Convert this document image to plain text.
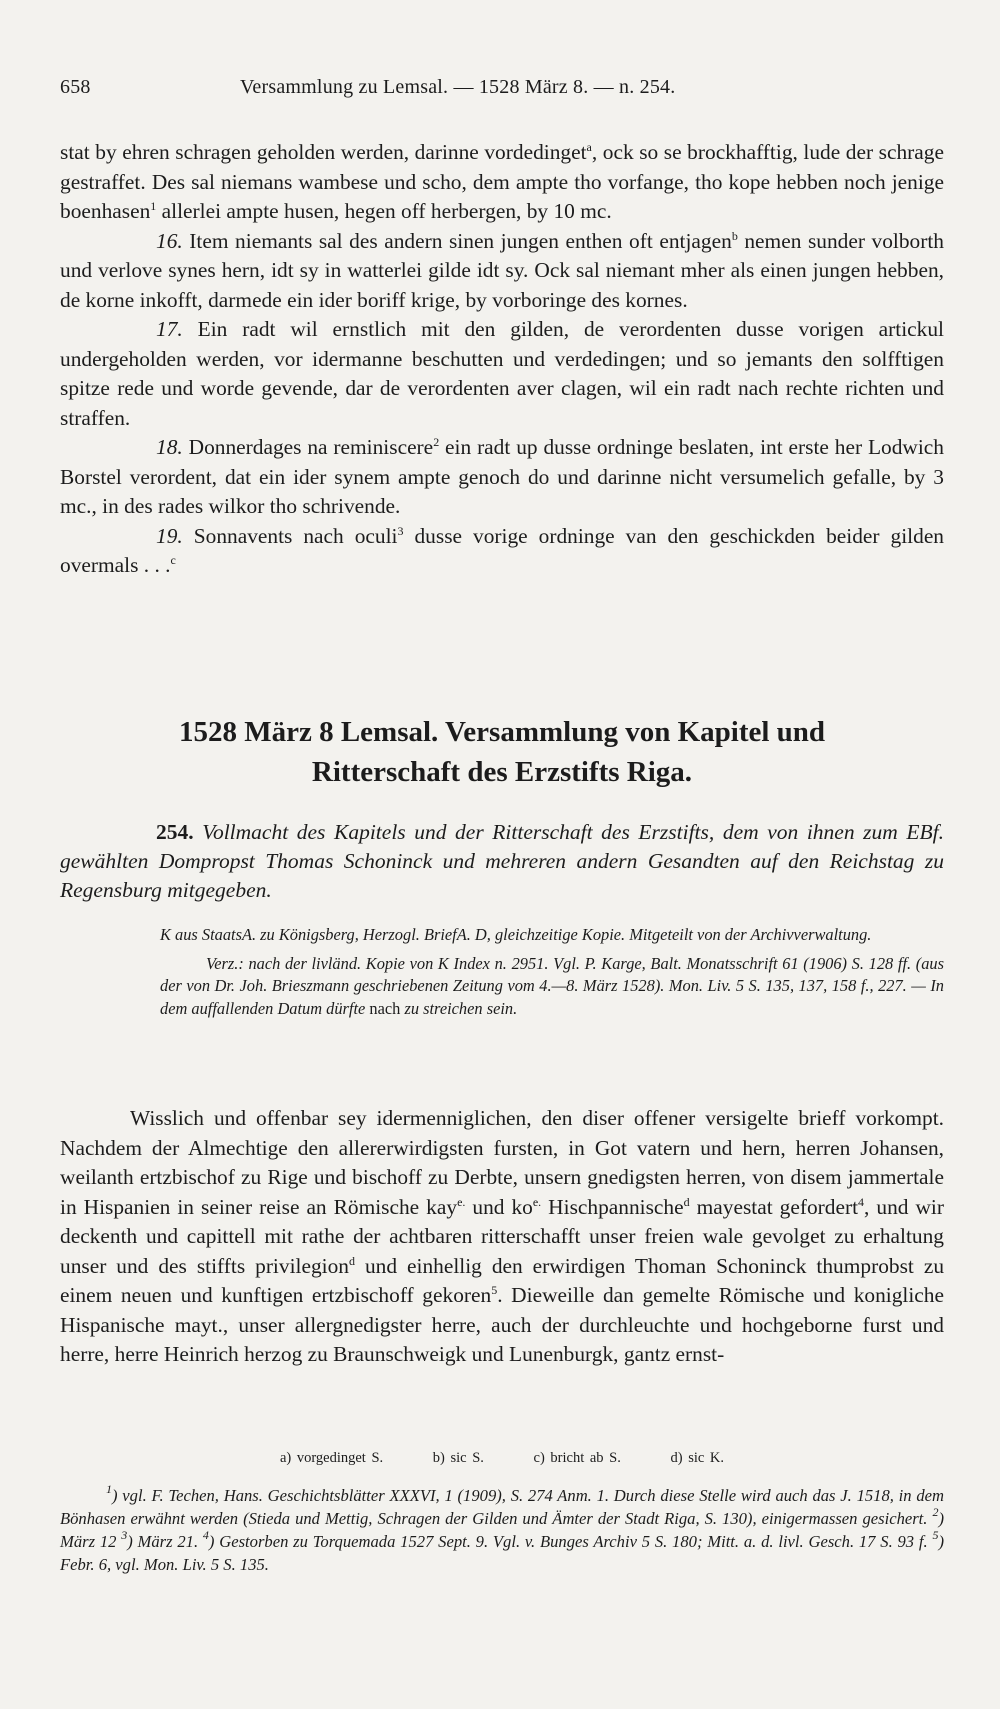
658	Versammlung zu Lemsal. — 1528 März 8. — n. 254.

stat by ehren schragen geholden werden, darinne vordedinget$^a$, ock so se brockhafftig, lude der schrage gestraffet. Des sal niemans wambese und scho, dem ampte tho vorfange, tho kope hebben noch jenige boenhasen$^1$ allerlei ampte husen, hegen off herbergen, by 10 mc.

16. Item niemants sal des andern sinen jungen enthen oft entjagen$^b$ nemen sunder volborth und verlove synes hern, idt sy in watterlei gilde idt sy. Ock sal niemant mher als einen jungen hebben, de korne inkofft, darmede ein ider boriff krige, by vorboringe des kornes.

17. Ein radt wil ernstlich mit den gilden, de verordenten dusse vorigen artickul undergeholden werden, vor idermanne beschutten und verdedingen; und so jemants den solfftigen spitze rede und worde gevende, dar de verordenten aver clagen, wil ein radt nach rechte richten und straffen.

18. Donnerdages na reminiscere$^2$ ein radt up dusse ordninge beslaten, int erste her Lodwich Borstel verordent, dat ein ider synem ampte genoch do und darinne nicht versumelich gefalle, by 3 mc., in des rades wilkor tho schrivende.

19. Sonnavents nach oculi$^3$ dusse vorige ordninge van den geschickden beider gilden overmals . . .$^c$

1528 März 8 Lemsal. Versammlung von Kapitel und
Ritterschaft des Erzstifts Riga.

254. Vollmacht des Kapitels und der Ritterschaft des Erzstifts, dem von ihnen zum EBf. gewählten Dompropst Thomas Schoninck und mehreren andern Gesandten auf den Reichstag zu Regensburg mitgegeben.

K aus StaatsA. zu Königsberg, Herzogl. BriefA. D, gleichzeitige Kopie. Mitgeteilt von der Archivverwaltung.

Verz.: nach der livländ. Kopie von K Index n. 2951. Vgl. P. Karge, Balt. Monatsschrift 61 (1906) S. 128 ff. (aus der von Dr. Joh. Brieszmann geschriebenen Zeitung vom 4.—8. März 1528). Mon. Liv. 5 S. 135, 137, 158 f., 227. — In dem auffallenden Datum dürfte nach zu streichen sein.

Wisslich und offenbar sey idermenniglichen, den diser offener versigelte brieff vorkompt. Nachdem der Almechtige den allererwirdigsten fursten, in Got vatern und hern, herren Johansen, weilanth ertzbischof zu Rige und bischoff zu Derbte, unsern gnedigsten herren, von disem jammertale in Hispanien in seiner reise an Römische kay$^{e.}$ und $ko^{e.}$ Hischpannische$^d$ mayestat gefordert$^4$, und wir deckenth und capittell mit rathe der achtbaren ritterschafft unser freien wale gevolget zu erhaltung unser und des stiffts privilegion$^d$ und einhellig den erwirdigen Thoman Schoninck thumprobst zu einem neuen und kunftigen ertzbischoff gekoren$^5$. Dieweille dan gemelte Römische und konigliche Hispanische mayt., unser allergnedigster herre, auch der durchleuchte und hochgeborne furst und herre, herre Heinrich herzog zu Braunschweigk und Lunenburgk, gantz ernst-

a) vorgedinget S.	b) sic S.	c) bricht ab S.	d) sic K.

$^1$) vgl. F. Techen, Hans. Geschichtsblätter XXXVI, 1 (1909), S. 274 Anm. 1. Durch diese Stelle wird auch das J. 1518, in dem Bönhasen erwähnt werden (Stieda und Mettig, Schragen der Gilden und Ämter der Stadt Riga, S. 130), einigermassen gesichert. $^2$) März 12 $^3$) März 21. $^4$) Gestorben zu Torquemada 1527 Sept. 9. Vgl. v. Bunges Archiv 5 S. 180; Mitt. a. d. livl. Gesch. 17 S. 93 f. $^5$) Febr. 6, vgl. Mon. Liv. 5 S. 135.
